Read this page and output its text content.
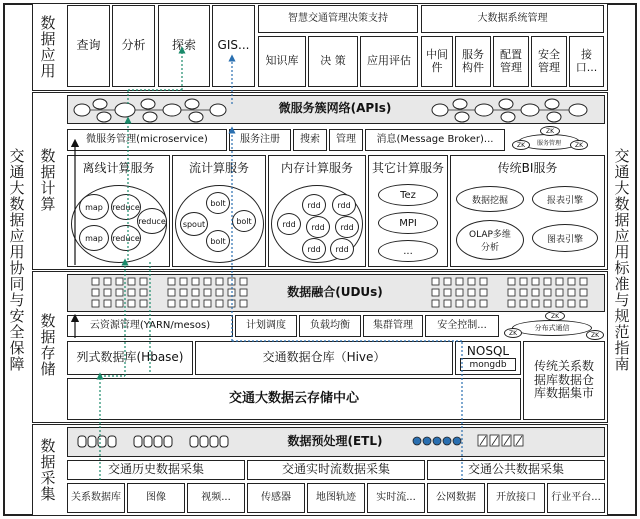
交通大数据应用协同与安全保障	交通大数据应用标准与规范指南
数据应用	查询	分析	探索	GIS...
智慧交通管理决策支持
知识库	决 策	应用评估
大数据系统管理
中间件
服务构件
配置管理
安全管理
接口...
数据计算
微服务簇网络(APIs)
微服务管理(microservice)	服务注册	搜索	管理	消息(Message Broker)...	服务管理
ZK
ZK	ZK
离线计算服务
map	reduce
reduce
map	reduce
流计算服务
bolt
spout	bolt
bolt
内存计算服务
rdd	rdd
rdd	rdd	rdd
rdd	rdd
其它计算服务
Tez
MPI
...
传统BI服务
数据挖掘	报表引擎
OLAP多维分析
图表引擎
数据存储
数据融合(UDUs)
云资源管理(YARN/mesos)	计划调度	负载均衡	集群管理	安全控制...	分布式通信
ZK
ZK
ZK
列式数据库(Hbase)	交通数据仓库（Hive）	NOSQL
mongdb	传统关系数据库数据仓库数据集市
交通大数据云存储中心
数据采集	数据预处理(ETL)
交通历史数据采集	交通实时流数据采集	交通公共数据采集
关系数据库	图像	视频...	传感器	地图轨迹	实时流...	公网数据	开放接口	行业平台...
